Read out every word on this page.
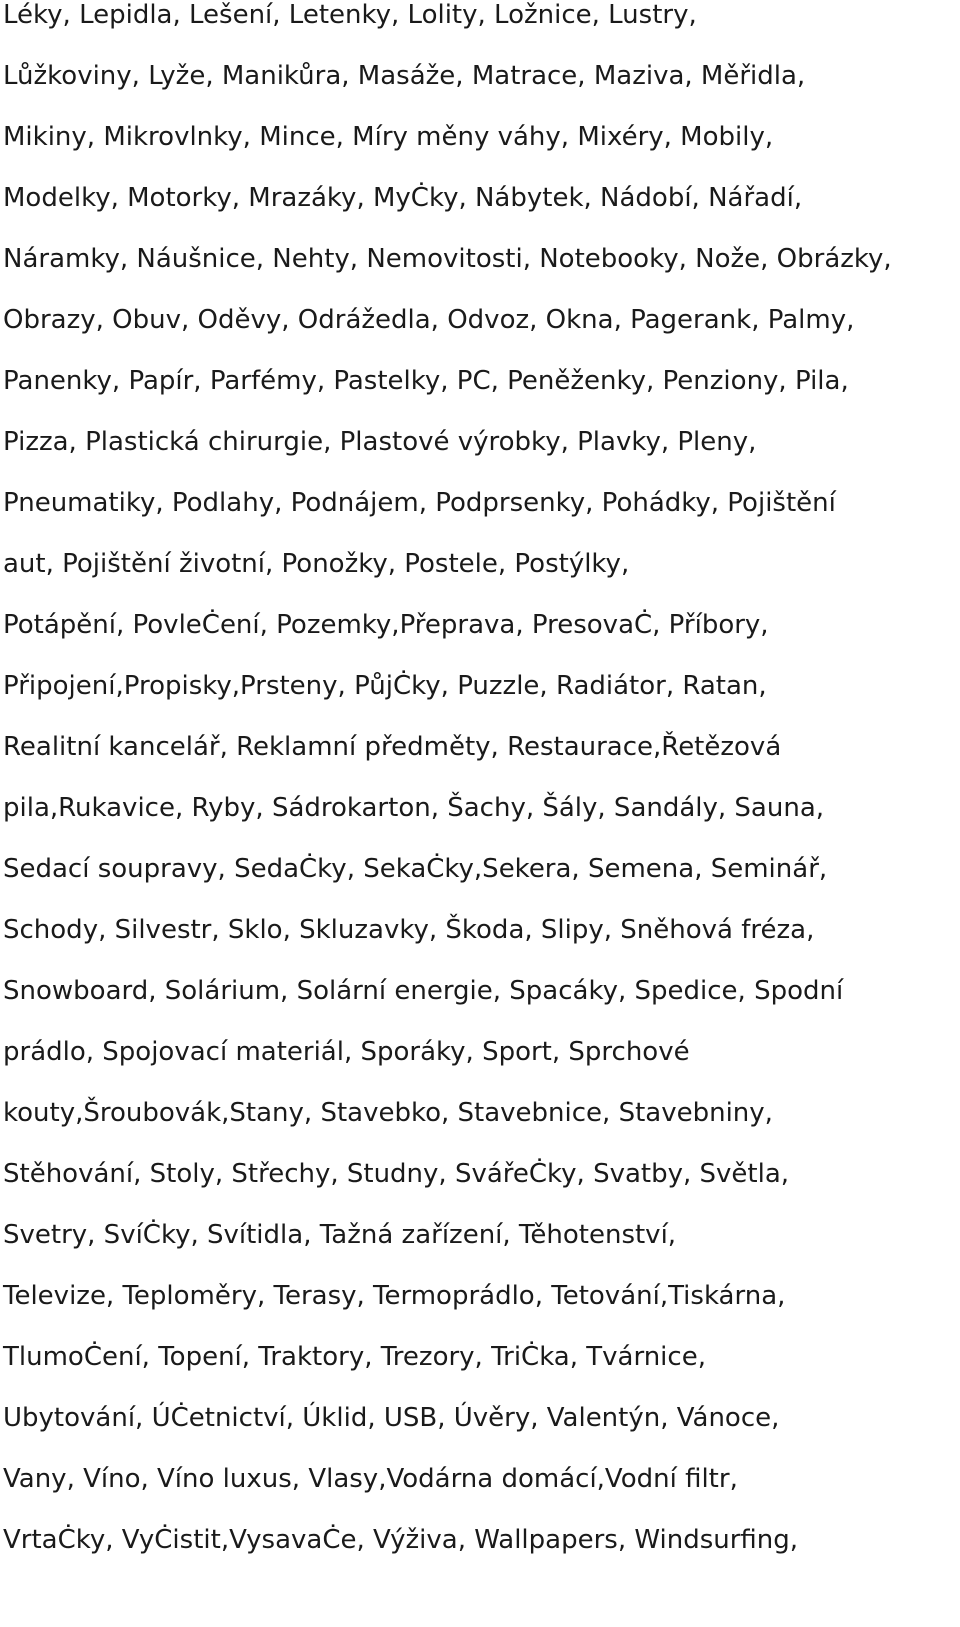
Léky, Lepidla, Lešení, Letenky, Lolity, Ložnice, Lustry,

Lůžkoviny, Lyže, Manikůra, Masáže, Matrace, Maziva, Měřidla,

Mikiny, Mikrovlnky, Mince, Míry měny váhy, Mixéry, Mobily,

Modelky, Motorky, Mrazáky, MyĊky, Nábytek, Nádobí, Nářadí,

Náramky, Náušnice, Nehty, Nemovitosti, Notebooky, Nože, Obrázky,

Obrazy, Obuv, Oděvy, Odrážedla, Odvoz, Okna, Pagerank, Palmy,

Panenky, Papír, Parfémy, Pastelky, PC, Peněženky, Penziony, Pila,

Pizza, Plastická chirurgie, Plastové výrobky, Plavky, Pleny,

Pneumatiky, Podlahy, Podnájem, Podprsenky, Pohádky, Pojištění

aut, Pojištění životní, Ponožky, Postele, Postýlky,

Potápění, PovleĊení, Pozemky,Přeprava, PresovaĊ, Příbory,

Připojení,Propisky,Prsteny, PůjĊky, Puzzle, Radiátor, Ratan,

Realitní kancelář, Reklamní předměty, Restaurace,Řetězová

pila,Rukavice, Ryby, Sádrokarton, Šachy, Šály, Sandály, Sauna,

Sedací soupravy, SedaĊky, SekaĊky,Sekera, Semena, Seminář,

Schody, Silvestr, Sklo, Skluzavky, Škoda, Slipy, Sněhová fréza,

Snowboard, Solárium, Solární energie, Spacáky, Spedice, Spodní

prádlo, Spojovací materiál, Sporáky, Sport, Sprchové

kouty,Šroubovák,Stany, Stavebko, Stavebnice, Stavebniny,

Stěhování, Stoly, Střechy, Studny, SvářeĊky, Svatby, Světla,

Svetry, SvíĊky, Svítidla, Tažná zařízení, Těhotenství,

Televize, Teploměry, Terasy, Termoprádlo, Tetování,Tiskárna,

TlumoĊení, Topení, Traktory, Trezory, TriĊka, Tvárnice,

Ubytování, ÚĊetnictví, Úklid, USB, Úvěry, Valentýn, Vánoce,

Vany, Víno, Víno luxus, Vlasy,Vodárna domácí,Vodní filtr,

VrtaĊky, VyĊistit,VysavaĊe, Výživa, Wallpapers, Windsurfing,
